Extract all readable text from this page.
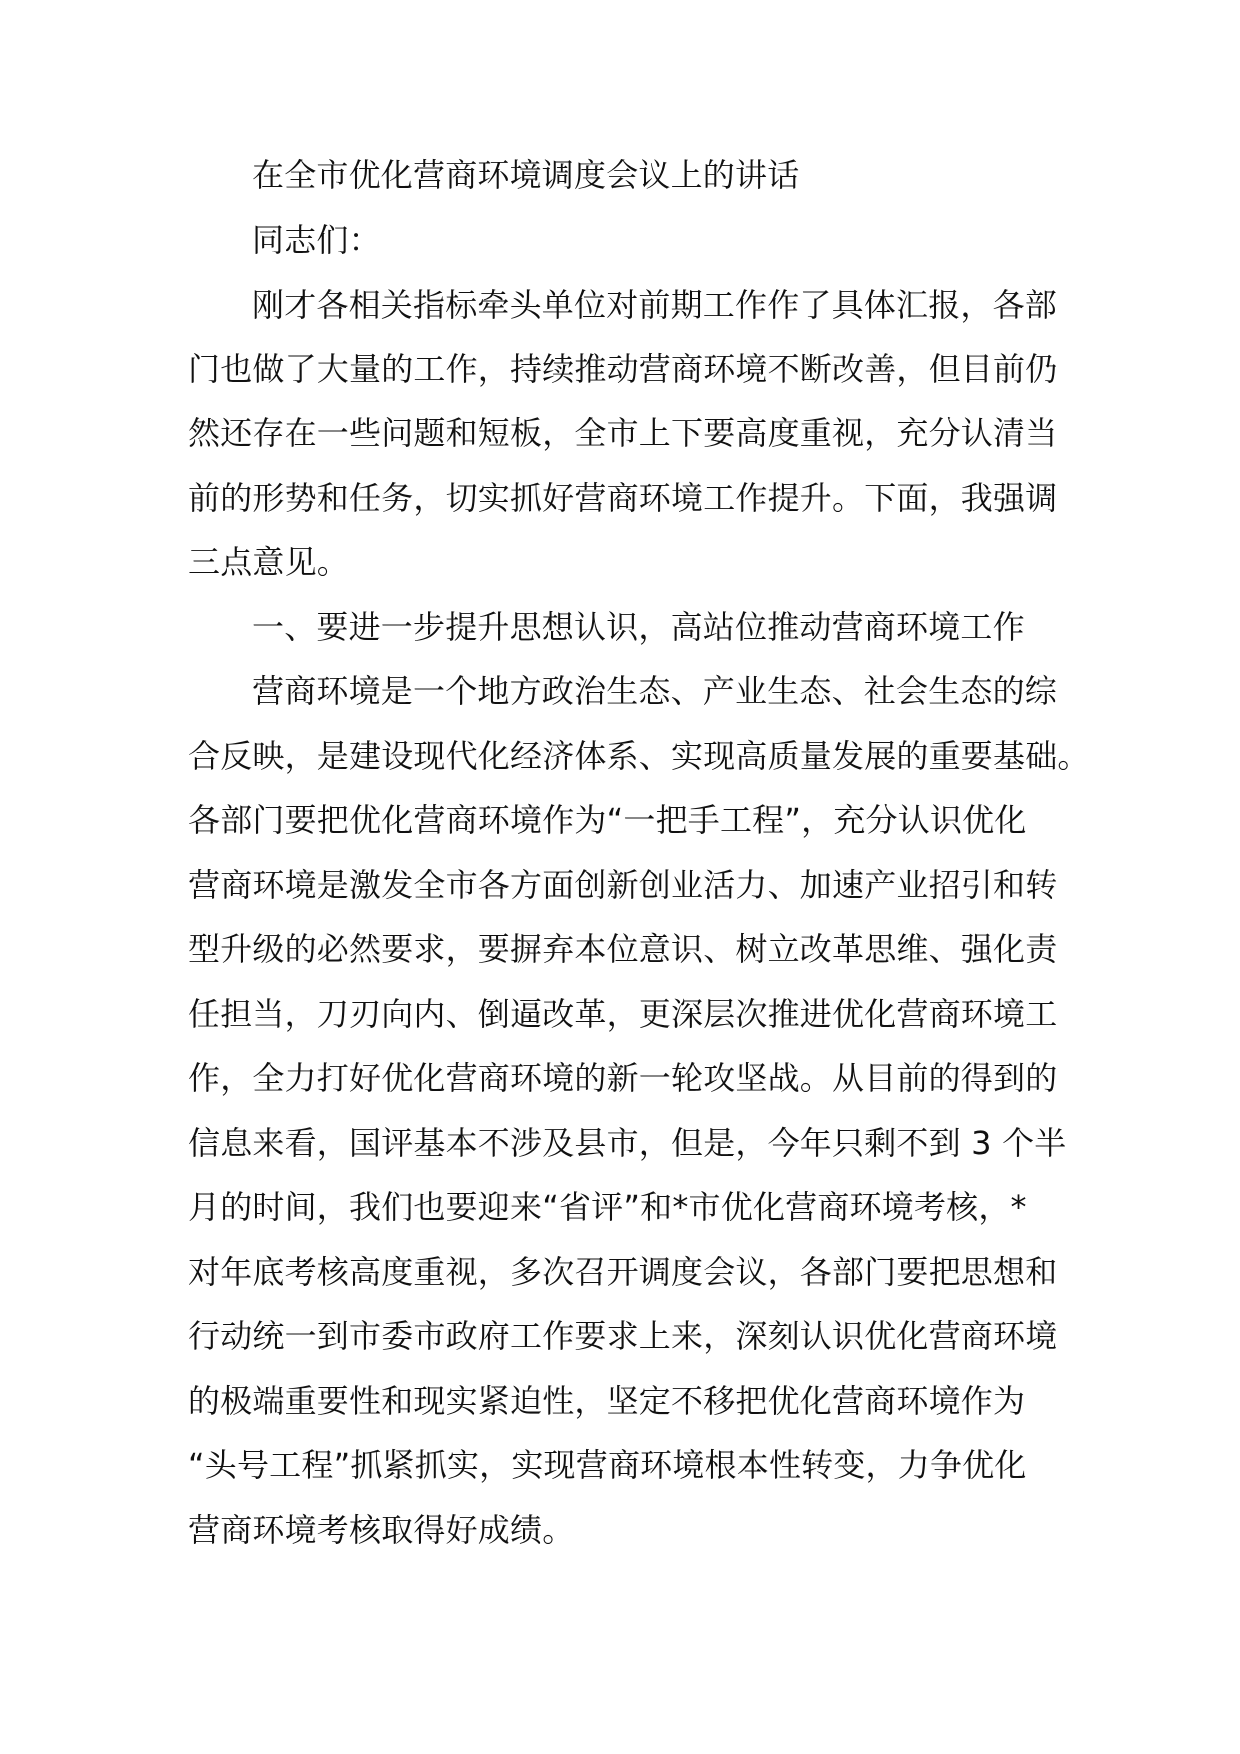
在全市优化营商环境调度会议上的讲话
同志们：
刚才各相关指标牵头单位对前期工作作了具体汇报，各部
门也做了大量的工作，持续推动营商环境不断改善，但目前仍
然还存在一些问题和短板，全市上下要高度重视，充分认清当
前的形势和任务，切实抓好营商环境工作提升。下面，我强调
三点意见。
一、要进一步提升思想认识，高站位推动营商环境工作
营商环境是一个地方政治生态、产业生态、社会生态的综
合反映，是建设现代化经济体系、实现高质量发展的重要基础。
各部门要把优化营商环境作为“一把手工程”，充分认识优化
营商环境是激发全市各方面创新创业活力、加速产业招引和转
型升级的必然要求，要摒弃本位意识、树立改革思维、强化责
任担当，刀刃向内、倒逼改革，更深层次推进优化营商环境工
作，全力打好优化营商环境的新一轮攻坚战。从目前的得到的
信息来看，国评基本不涉及县市，但是，今年只剩不到 3 个半
月的时间，我们也要迎来“省评”和*市优化营商环境考核，*
对年底考核高度重视，多次召开调度会议，各部门要把思想和
行动统一到市委市政府工作要求上来，深刻认识优化营商环境
的极端重要性和现实紧迫性，坚定不移把优化营商环境作为
“头号工程”抓紧抓实，实现营商环境根本性转变，力争优化
营商环境考核取得好成绩。
